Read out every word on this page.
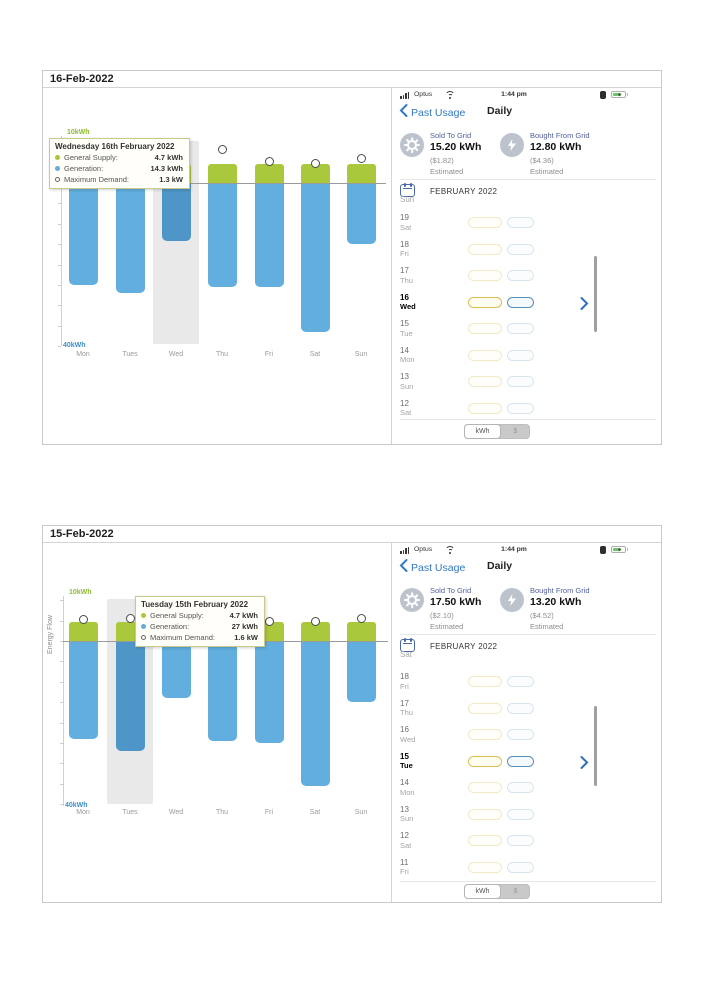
16-Feb-2022
10kWh
40kWh
Mon	Tues	Wed	Thu	Fri	Sat	Sun
Wednesday 16th February 2022
General Supply:	4.7 kWh
Generation:	14.3 kWh
Maximum Demand:	1.3 kW
Optus	1:44 pm
Past Usage Daily
Sold To Grid
15.20 kWh
($1.82)
Estimated
Bought From Grid
12.80 kWh
($4.36)
Estimated
FEBRUARY 2022
Sun
19
Sat
18
Fri
17
Thu
16
Wed
15
Tue
14
Mon
13
Sun
12
Sat
kWh	$
15-Feb-2022
10kWh
40kWh
Energy Flow
Mon	Tues	Wed	Thu	Fri	Sat	Sun
Tuesday 15th February 2022
General Supply:	4.7 kWh
Generation:	27 kWh
Maximum Demand:	1.6 kW
Optus	1:44 pm
Past Usage Daily
Sold To Grid
17.50 kWh
($2.10)
Estimated
Bought From Grid
13.20 kWh
($4.52)
Estimated
FEBRUARY 2022
Sat
18
Fri
17
Thu
16
Wed
15
Tue
14
Mon
13
Sun
12
Sat
11
Fri
kWh	$
